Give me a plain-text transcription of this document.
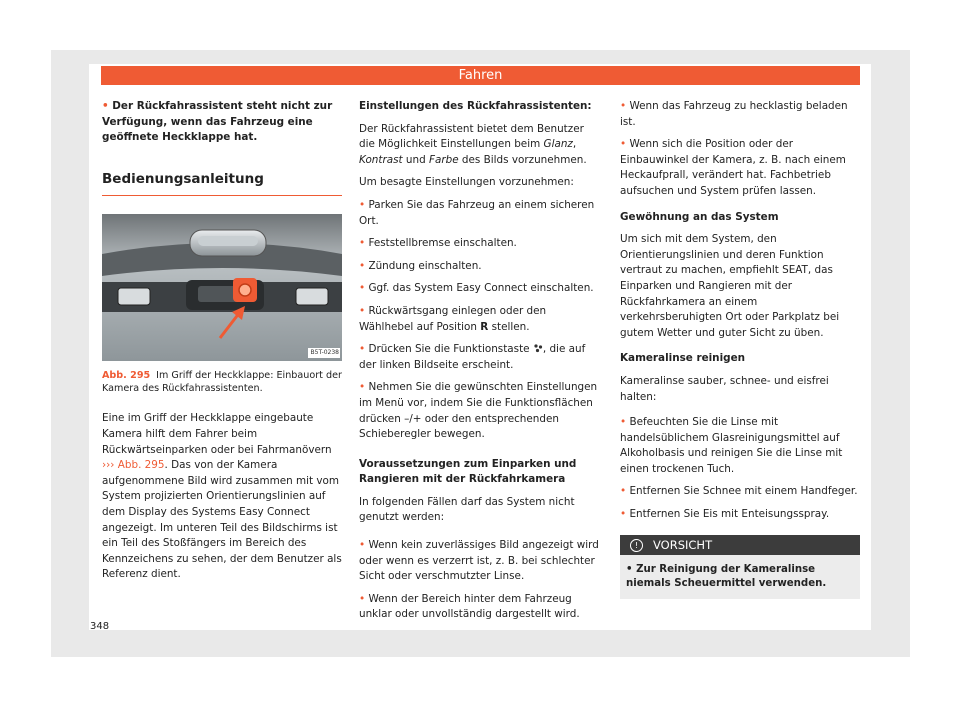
Fahren

• Der Rückfahrassistent steht nicht zur Verfügung, wenn das Fahrzeug eine geöffnete Heckklappe hat.

Bedienungsanleitung
B5T-0238
Abb. 295 Im Griff der Heckklappe: Einbauort der Kamera des Rückfahrassistenten.

Eine im Griff der Heckklappe eingebaute Kamera hilft dem Fahrer beim Rückwärtseinparken oder bei Fahrmanövern ››› Abb. 295. Das von der Kamera aufgenommene Bild wird zusammen mit vom System projizierten Orientierungslinien auf dem Display des Systems Easy Connect angezeigt. Im unteren Teil des Bildschirms ist ein Teil des Stoßfängers im Bereich des Kennzeichens zu sehen, der dem Benutzer als Referenz dient.

Einstellungen des Rückfahrassistenten:

Der Rückfahrassistent bietet dem Benutzer die Möglichkeit Einstellungen beim Glanz, Kontrast und Farbe des Bilds vorzunehmen.

Um besagte Einstellungen vorzunehmen:

• Parken Sie das Fahrzeug an einem sicheren Ort.

• Feststellbremse einschalten.

• Zündung einschalten.

• Ggf. das System Easy Connect einschalten.

• Rückwärtsgang einlegen oder den Wählhebel auf Position R stellen.

• Drücken Sie die Funktionstaste , die auf der linken Bildseite erscheint.

• Nehmen Sie die gewünschten Einstellungen im Menü vor, indem Sie die Funktionsflächen drücken –/+ oder den entsprechenden Schieberegler bewegen.

Voraussetzungen zum Einparken und Rangieren mit der Rückfahrkamera

In folgenden Fällen darf das System nicht genutzt werden:

• Wenn kein zuverlässiges Bild angezeigt wird oder wenn es verzerrt ist, z. B. bei schlechter Sicht oder verschmutzter Linse.

• Wenn der Bereich hinter dem Fahrzeug unklar oder unvollständig dargestellt wird.

• Wenn das Fahrzeug zu hecklastig beladen ist.

• Wenn sich die Position oder der Einbauwinkel der Kamera, z. B. nach einem Heckaufprall, verändert hat. Fachbetrieb aufsuchen und System prüfen lassen.

Gewöhnung an das System

Um sich mit dem System, den Orientierungslinien und deren Funktion vertraut zu machen, empfiehlt SEAT, das Einparken und Rangieren mit der Rückfahrkamera an einem verkehrsberuhigten Ort oder Parkplatz bei gutem Wetter und guter Sicht zu üben.

Kameralinse reinigen

Kameralinse sauber, schnee- und eisfrei halten:

• Befeuchten Sie die Linse mit handelsüblichem Glasreinigungsmittel auf Alkoholbasis und reinigen Sie die Linse mit einen trockenen Tuch.

• Entfernen Sie Schnee mit einem Handfeger.

• Entfernen Sie Eis mit Enteisungsspray.

! VORSICHT
• Zur Reinigung der Kameralinse niemals Scheuermittel verwenden.
348
